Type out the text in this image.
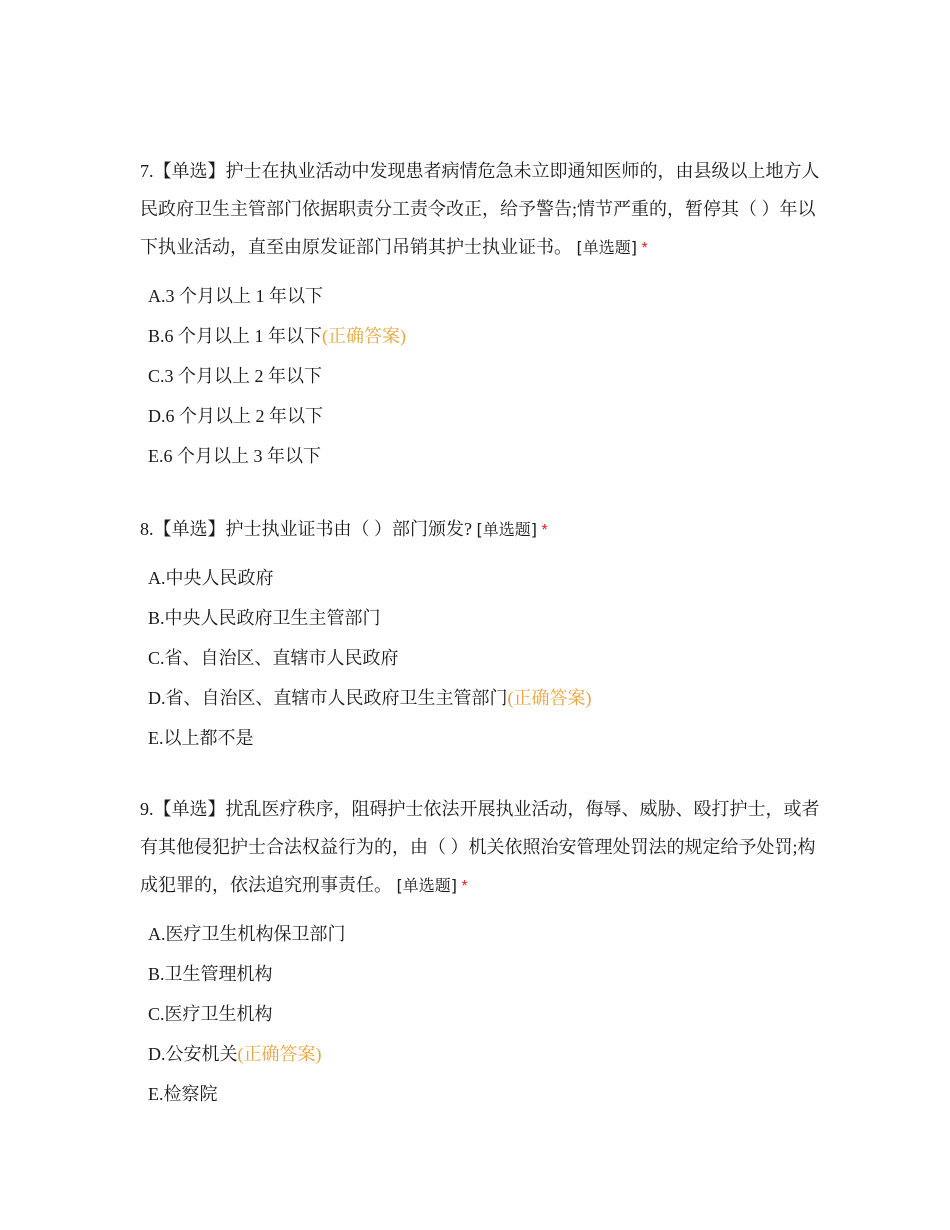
7.【单选】护士在执业活动中发现患者病情危急未立即通知医师的，由县级以上地方人民政府卫生主管部门依据职责分工责令改正，给予警告;情节严重的，暂停其（ ）年以下执业活动，直至由原发证部门吊销其护士执业证书。 [单选题] *

A.3 个月以上 1 年以下
B.6 个月以上 1 年以下(正确答案)
C.3 个月以上 2 年以下
D.6 个月以上 2 年以下
E.6 个月以上 3 年以下

8.【单选】护士执业证书由（ ）部门颁发? [单选题] *

A.中央人民政府
B.中央人民政府卫生主管部门
C.省、自治区、直辖市人民政府
D.省、自治区、直辖市人民政府卫生主管部门(正确答案)
E.以上都不是

9.【单选】扰乱医疗秩序，阻碍护士依法开展执业活动，侮辱、威胁、殴打护士，或者有其他侵犯护士合法权益行为的，由（ ）机关依照治安管理处罚法的规定给予处罚;构成犯罪的，依法追究刑事责任。 [单选题] *

A.医疗卫生机构保卫部门
B.卫生管理机构
C.医疗卫生机构
D.公安机关(正确答案)
E.检察院
